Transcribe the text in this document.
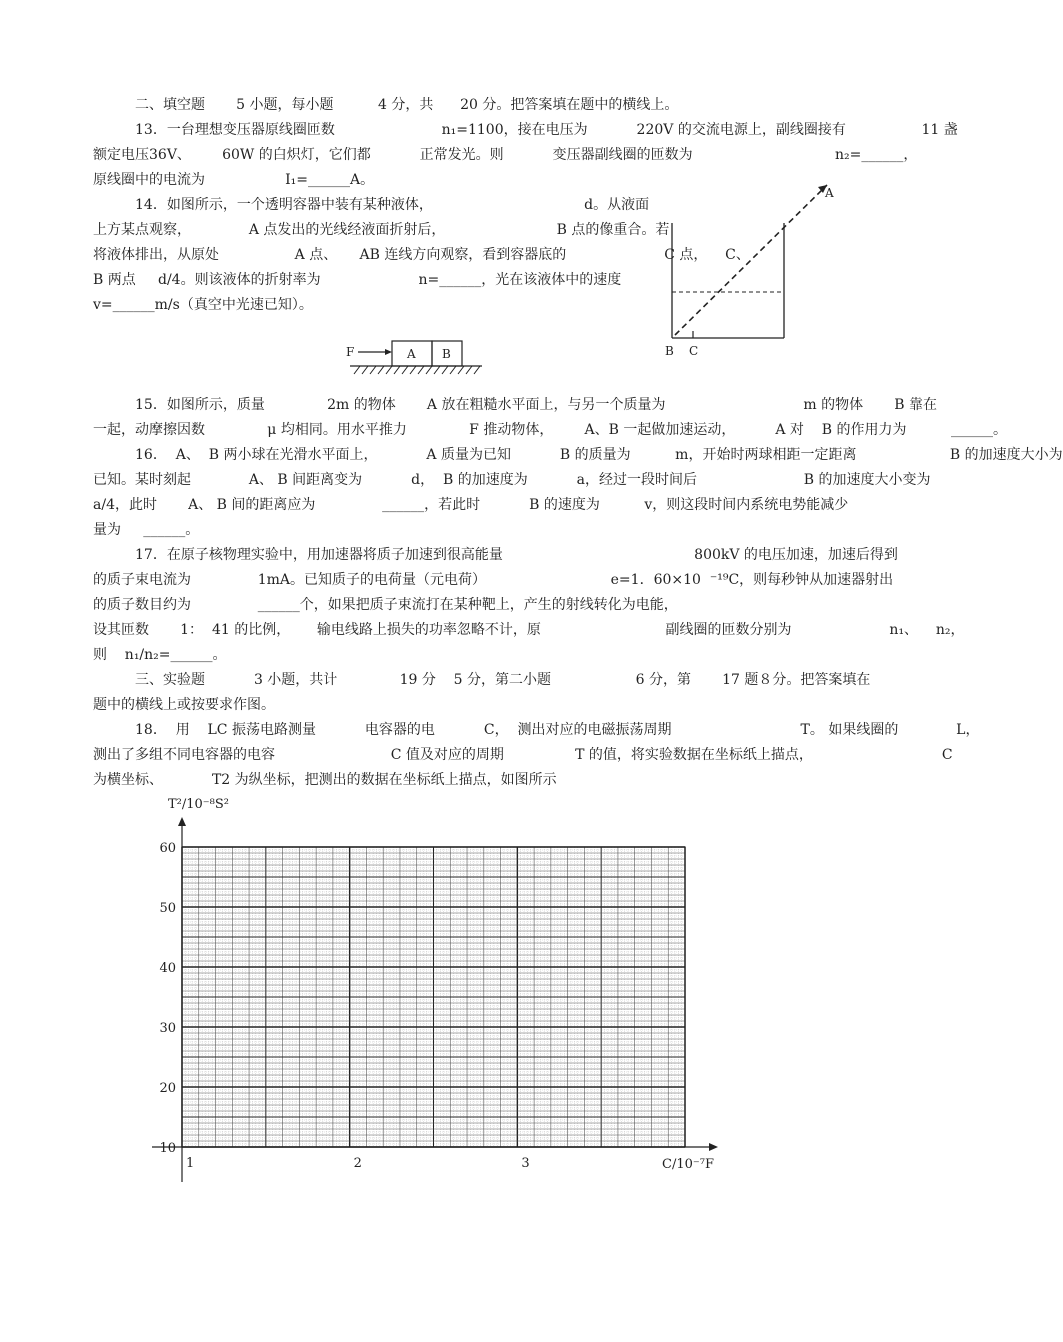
二、填空题       5 小题，每小题          4 分，共      20 分。把答案填在题中的横线上。
13．一台理想变压器原线圈匝数                        n₁=1100，接在电压为           220V 的交流电源上，副线圈接有                 11 盏
额定电压36V、       60W 的白炽灯，它们都           正常发光。则           变压器副线圈的匝数为                                n₂=______，
原线圈中的电流为                  I₁=______A。
14．如图所示，一个透明容器中装有某种液体，                                  d。从液面
上方某点观察，             A 点发出的光线经液面折射后，                         B 点的像重合。若
将液体排出，从原处                 A 点、     AB 连线方向观察，看到容器底的                      C 点，    C、
B 两点     d/4。则该液体的折射率为                      n=______，光在该液体中的速度
v=______m/s（真空中光速已知）。
15．如图所示，质量              2m 的物体       A 放在粗糙水平面上，与另一个质量为                               m 的物体       B 靠在
一起，动摩擦因数              μ 均相同。用水平推力              F 推动物体，       A、B 一起做加速运动，         A 对    B 的作用力为          ______。
16．  A、  B 两小球在光滑水平面上，           A 质量为已知           B 的质量为          m，开始时两球相距一定距离                     B 的加速度大小为
已知。某时刻起             A、 B 间距离变为           d，  B 的加速度为           a，经过一段时间后                        B 的加速度大小变为
a/4，此时       A、 B 间的距离应为               ______，若此时           B 的速度为          v，则这段时间内系统电势能减少
量为     ______。
17．在原子核物理实验中，用加速器将质子加速到很高能量                                           800kV 的电压加速，加速后得到
的质子束电流为               1mA。已知质子的电荷量（元电荷）                            e=1．60×10  ⁻¹⁹C，则每秒钟从加速器射出
的质子数目约为               ______个，如果把质子束流打在某种靶上，产生的射线转化为电能，
设其匝数       1：  41 的比例，      输电线路上损失的功率忽略不计，原                            副线圈的匝数分别为                      n₁、    n₂，
则    n₁/n₂=______。
三、实验题           3 小题，共计              19 分    5 分，第二小题                   6 分，第       17 题８分。把答案填在
题中的横线上或按要求作图。
18．  用    LC 振荡电路测量           电容器的电           C，  测出对应的电磁振荡周期                             T。 如果线圈的             L，
测出了多组不同电容器的电容                          C 值及对应的周期                T 的值，将实验数据在坐标纸上描点，                             C
为横坐标、           T2 为纵坐标，把测出的数据在坐标纸上描点，如图所示
A
B C
F	A B
1	2	3
10
20
30
40
50
60
T²/10⁻⁸S²
C/10⁻⁷F
